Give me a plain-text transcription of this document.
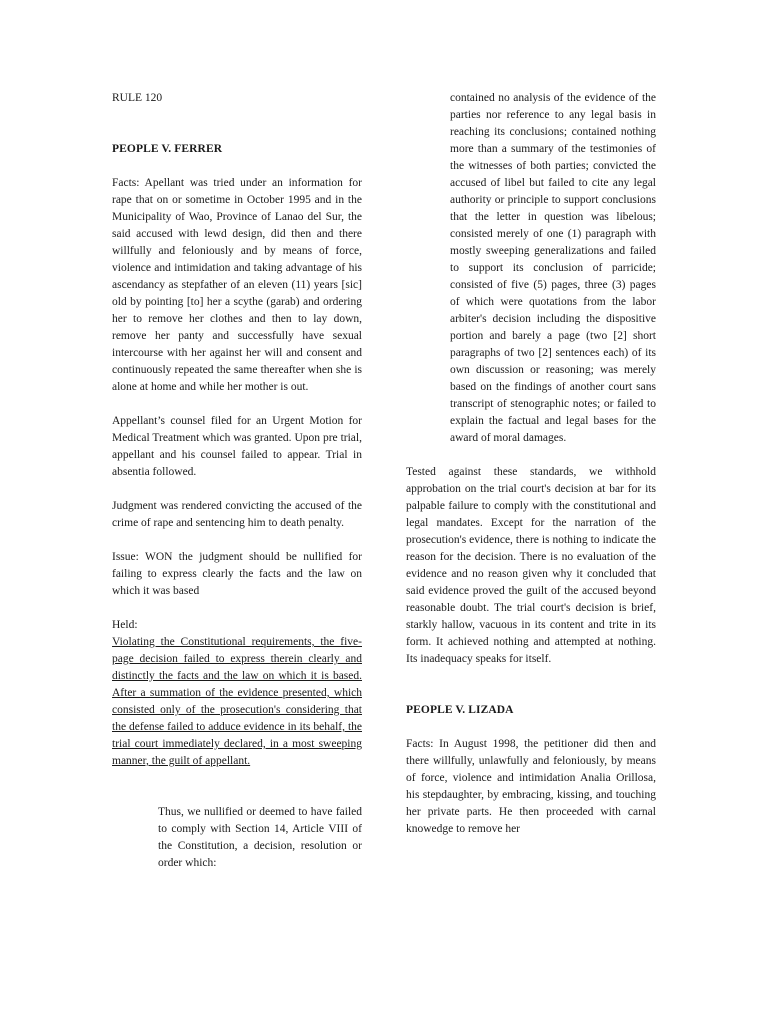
RULE 120

PEOPLE V. FERRER

Facts: Apellant was tried under an information for rape that on or sometime in October 1995 and in the Municipality of Wao, Province of Lanao del Sur, the said accused with lewd design, did then and there willfully and feloniously and by means of force, violence and intimidation and taking advantage of his ascendancy as stepfather of an eleven (11) years [sic] old by pointing [to] her a scythe (garab) and ordering her to remove her clothes and then to lay down, remove her panty and successfully have sexual intercourse with her against her will and consent and continuously repeated the same thereafter when she is alone at home and while her mother is out.

Appellant’s counsel filed for an Urgent Motion for Medical Treatment which was granted. Upon pre trial, appellant and his counsel failed to appear. Trial in absentia followed.

Judgment was rendered convicting the accused of the crime of rape and sentencing him to death penalty.

Issue: WON the judgment should be nullified for failing to express clearly the facts and the law on which it was based

Held:

Violating the Constitutional requirements, the five-page decision failed to express therein clearly and distinctly the facts and the law on which it is based. After a summation of the evidence presented, which consisted only of the prosecution's considering that the defense failed to adduce evidence in its behalf, the trial court immediately declared, in a most sweeping manner, the guilt of appellant.

Thus, we nullified or deemed to have failed to comply with Section 14, Article VIII of the Constitution, a decision, resolution or order which:

contained no analysis of the evidence of the parties nor reference to any legal basis in reaching its conclusions; contained nothing more than a summary of the testimonies of the witnesses of both parties; convicted the accused of libel but failed to cite any legal authority or principle to support conclusions that the letter in question was libelous; consisted merely of one (1) paragraph with mostly sweeping generalizations and failed to support its conclusion of parricide; consisted of five (5) pages, three (3) pages of which were quotations from the labor arbiter's decision including the dispositive portion and barely a page (two [2] short paragraphs of two [2] sentences each) of its own discussion or reasoning; was merely based on the findings of another court sans transcript of stenographic notes; or failed to explain the factual and legal bases for the award of moral damages.

Tested against these standards, we withhold approbation on the trial court's decision at bar for its palpable failure to comply with the constitutional and legal mandates. Except for the narration of the prosecution's evidence, there is nothing to indicate the reason for the decision. There is no evaluation of the evidence and no reason given why it concluded that said evidence proved the guilt of the accused beyond reasonable doubt. The trial court's decision is brief, starkly hallow, vacuous in its content and trite in its form. It achieved nothing and attempted at nothing. Its inadequacy speaks for itself.

PEOPLE V. LIZADA

Facts: In August 1998, the petitioner did then and there willfully, unlawfully and feloniously, by means of force, violence and intimidation Analia Orillosa, his stepdaughter, by embracing, kissing, and touching her private parts. He then proceeded with carnal knowedge to remove her
